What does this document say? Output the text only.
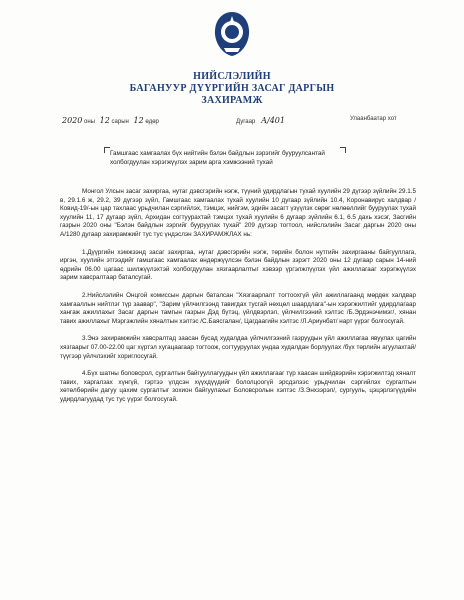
НИЙСЛЭЛИЙН
БАГАНУУР ДҮҮРГИЙН ЗАСАГ ДАРГЫН
ЗАХИРАМЖ
2020 оны 12 сарын 12 өдөр	Дугаар А/401	Улаанбаатар хот
Гамшгаас хамгаалах бүх нийтийн бэлэн байдлын зэрэгийг бууруулсантай холбогдуулан хэрэгжүүлэх зарим арга хэмжээний тухай

Монгол Улсын засаг захиргаа, нутаг дэвсгэрийн нэгж, түүний удирдлагын тухай хуулийн 29 дүгээр зүйлийн 29.1.5 в, 29.1.6 ж, 29.2, 39 дүгээр зүйл, Гамшгаас хамгаалах тухай хуулийн 10 дугаар зүйлийн 10.4, Коронавирус халдвар /Ковид-19/-ын цар тахлаас урьдчилан сэргийлэх, тэмцэх, нийгэм, эдийн засагт үзүүлэх сөрөг нөлөөллийг бууруулах тухай хуулийн 11, 17 дугаар зүйл, Архидан согтуурахтай тэмцэх тухай хуулийн 6 дугаар зүйлийн 6.1, 6.5 дахь хэсэг, Засгийн газрын 2020 оны "Бэлэн байдлын зэргийг бууруулах тухай" 209 дүгээр тогтоол, нийслэлийн Засаг даргын 2020 оны А/1280 дугаар захирамжийг тус тус үндэслэн ЗАХИРАМЖЛАХ нь:

1.Дүүргийн хэмжээнд засаг захиргаа, нутаг дэвсгэрийн нэгж, төрийн болон нутгийн захиргааны байгууллага, иргэн, хуулийн этгээдийг гамшгаас хамгаалах өндөржүүлсэн бэлэн байдлын зэрэгт 2020 оны 12 дугаар сарын 14-ний өдрийн 06.00 цагаас шилжүүлэхтэй холбогдуулан хязгаарлалтыг хэвээр үргэлжлүүлэх үйл ажиллагааг хэрэгжүүлэх зарим хавсралтаар баталсугай.

2.Нийслэлийн Онцгой комиссын даргын баталсан "Хязгаарлалт тогтоохгүй үйл ажиллагаанд мөрдөх халдвар хамгааллын нийтлэг түр заавар", "Зарим үйлчилгээнд тавигдах тусгай нөхцөл шаардлага"-ын хэрэгжилтийг удирдлагаар хангаж ажиллахыг Засаг даргын тамгын газрын Дэд бүтэц, үйлдвэрлэл, үйлчилгээний хэлтэс /Б.Эрдэнэчимэг/, хянан тавих ажиллахыг Мэргэжлийн хяналтын хэлтэс /С.Баясгалан/, Цагдаагийн хэлтэс /Л.Ариунбат/ нарт үүрэг болгосугай.

3.Энэ захирамжийн хавсралтад заасан бусад худалдаа үйлчилгээний газруудын үйл ажиллагаа явуулах цагийн хязгаарыг 07.00-22.00 цаг хүртэл хугацаагаар тогтоож, согтууруулах ундаа худалдан борлуулах /бүх төрлийн агуулахтай/ түүгээр үйлчлэхийг хориглосугай.

4.Бүх шатны боловсрол, сургалтын байгууллагуудын үйл ажиллагааг түр хаасан шийдвэрийн хэрэгжилтэд хяналт тавих, харгалзах хүнгүй, гэртээ үлдсэн хүүхдүүдийг бололцоогүй эрсдэлээс урьдчилан сэргийлэх сургалтын хөтөлбөрийн дагуу цахим сургалтыг зохион байгуулахыг Боловсролын хэлтэс /З.Энхзэрэл/, сургууль, цэцэрлэгүүдийн удирдлагуудад тус тус үүрэг болгосугай.
